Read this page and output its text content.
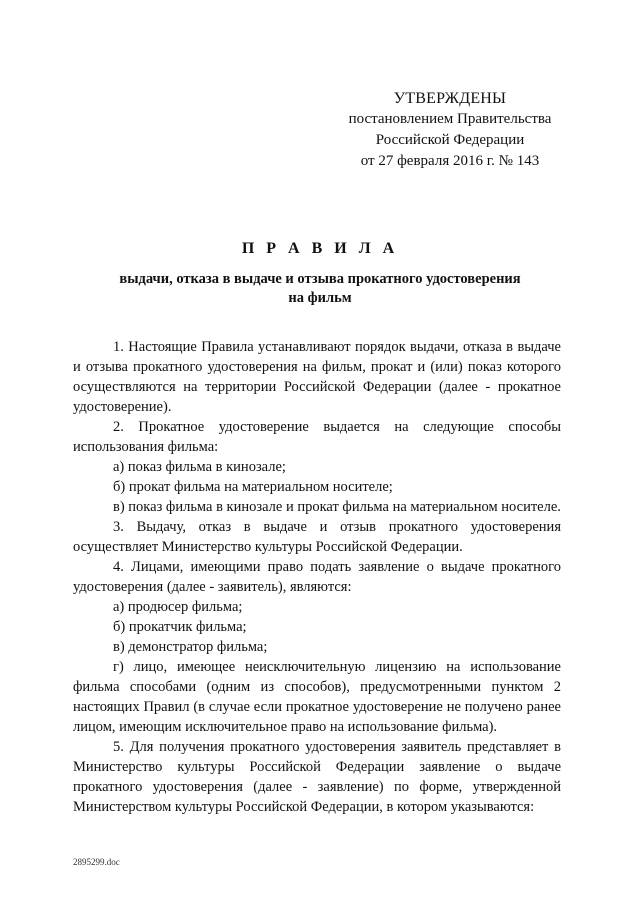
УТВЕРЖДЕНЫ
постановлением Правительства
Российской Федерации
от 27 февраля 2016 г. № 143
П Р А В И Л А
выдачи, отказа в выдаче и отзыва прокатного удостоверения
на фильм

1. Настоящие Правила устанавливают порядок выдачи, отказа в выдаче и отзыва прокатного удостоверения на фильм, прокат и (или) показ которого осуществляются на территории Российской Федерации (далее - прокатное удостоверение).

2. Прокатное удостоверение выдается на следующие способы использования фильма:

а) показ фильма в кинозале;

б) прокат фильма на материальном носителе;

в) показ фильма в кинозале и прокат фильма на материальном носителе.

3. Выдачу, отказ в выдаче и отзыв прокатного удостоверения осуществляет Министерство культуры Российской Федерации.

4. Лицами, имеющими право подать заявление о выдаче прокатного удостоверения (далее - заявитель), являются:

а) продюсер фильма;

б) прокатчик фильма;

в) демонстратор фильма;

г) лицо, имеющее неисключительную лицензию на использование фильма способами (одним из способов), предусмотренными пунктом 2 настоящих Правил (в случае если прокатное удостоверение не получено ранее лицом, имеющим исключительное право на использование фильма).

5. Для получения прокатного удостоверения заявитель представляет в Министерство культуры Российской Федерации заявление о выдаче прокатного удостоверения (далее - заявление) по форме, утвержденной Министерством культуры Российской Федерации, в котором указываются:

2895299.doc
